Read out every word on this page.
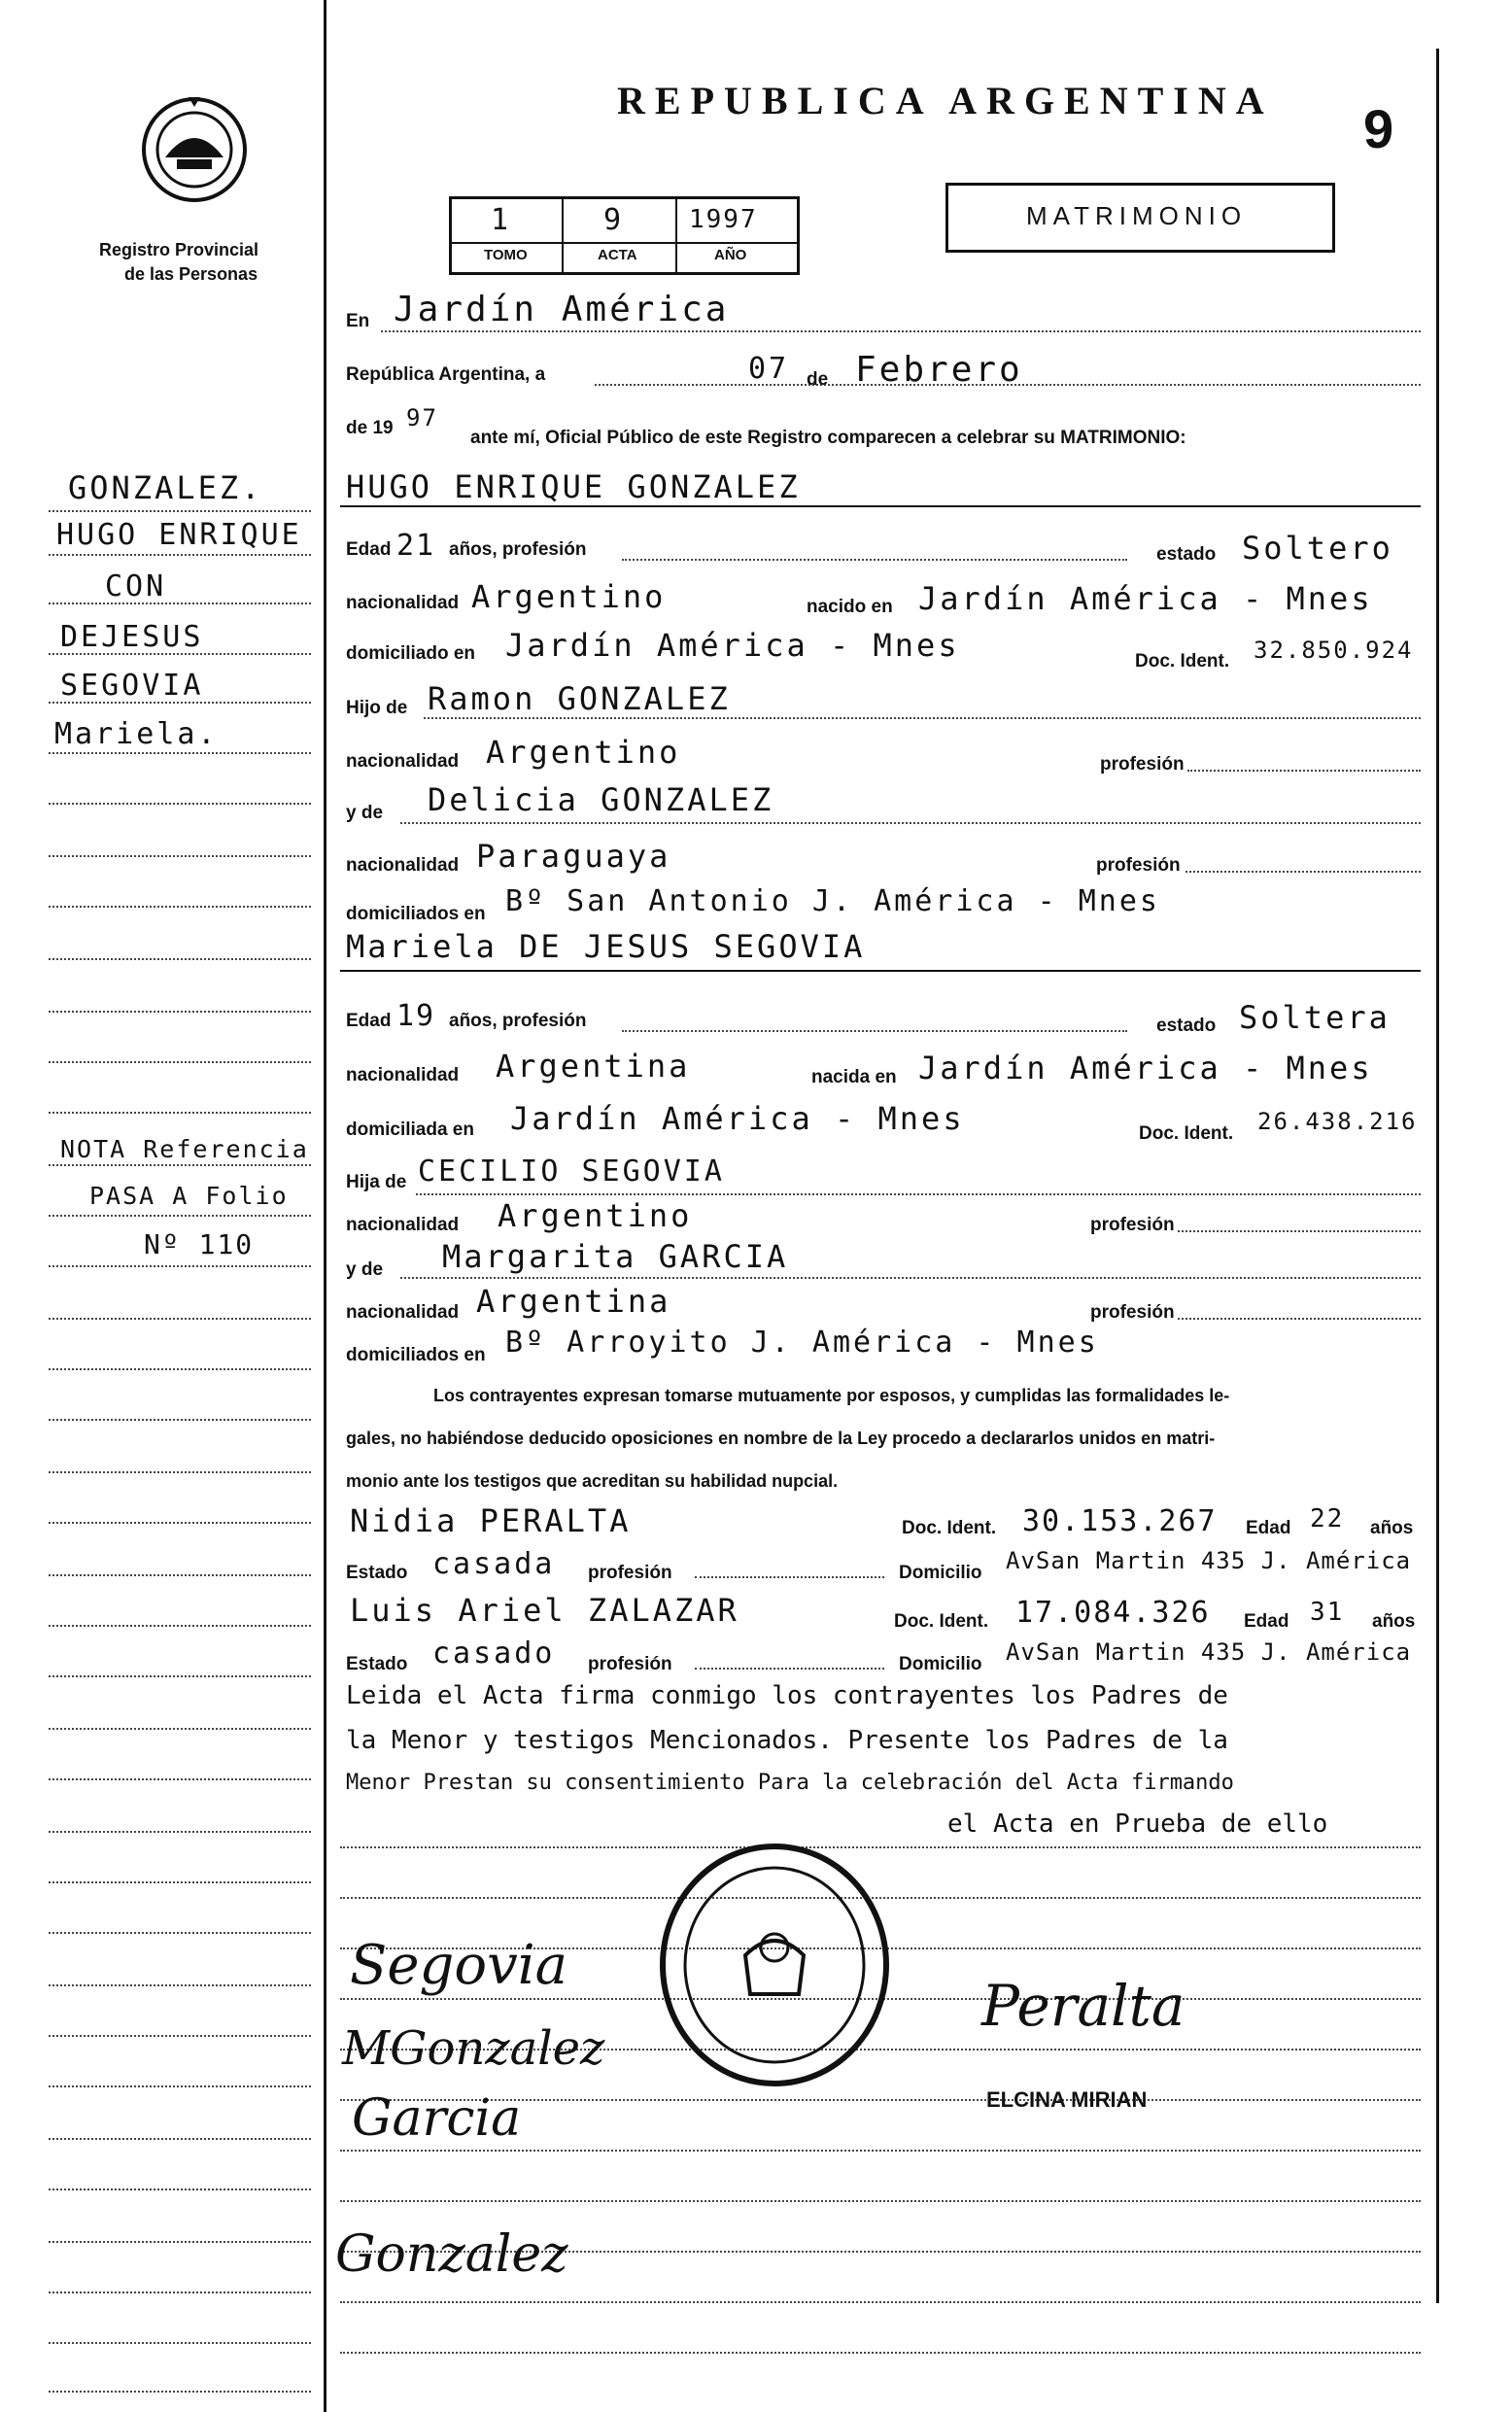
Registro Provincial
de las Personas
REPUBLICA ARGENTINA 9
1	9	1997
TOMO	ACTA	AÑO
MATRIMONIO
En Jardín América
República Argentina, a	07 de Febrero
de 19 97
ante mí, Oficial Público de este Registro comparecen a celebrar su MATRIMONIO:
GONZALEZ.
HUGO ENRIQUE
CON
DEJESUS
SEGOVIA
Mariela.
NOTA Referencia
PASA A Folio
Nº 110
HUGO ENRIQUE GONZALEZ
Edad 21 años, profesión	estado Soltero
nacionalidad Argentino	nacido en Jardín América - Mnes
domiciliado en Jardín América - Mnes	Doc. Ident. 32.850.924
Hijo de Ramon GONZALEZ
nacionalidad Argentino	profesión
y de Delicia GONZALEZ
nacionalidad Paraguaya	profesión
domiciliados en Bº San Antonio J. América - Mnes
Mariela DE JESUS SEGOVIA
Edad 19 años, profesión	estado Soltera
nacionalidad Argentina	nacida en Jardín América - Mnes
domiciliada en Jardín América - Mnes	Doc. Ident. 26.438.216
Hija de CECILIO SEGOVIA
nacionalidad Argentino	profesión
y de Margarita GARCIA
nacionalidad Argentina	profesión
domiciliados en Bº Arroyito J. América - Mnes
Los contrayentes expresan tomarse mutuamente por esposos, y cumplidas las formalidades le-
gales, no habiéndose deducido oposiciones en nombre de la Ley procedo a declararlos unidos en matri-
monio ante los testigos que acreditan su habilidad nupcial.
Nidia PERALTA	Doc. Ident. 30.153.267 Edad 22 años
Estado casada profesión	Domicilio AvSan Martin 435 J. América
Luis Ariel ZALAZAR	Doc. Ident. 17.084.326 Edad 31 años
Estado casado profesión	Domicilio AvSan Martin 435 J. América
Leida el Acta firma conmigo los contrayentes los Padres de
la Menor y testigos Mencionados. Presente los Padres de la
Menor Prestan su consentimiento Para la celebración del Acta firmando
el Acta en Prueba de ello
Segovia
Garcia
MGonzalez
Gonzalez
Peralta
ELCINA MIRIAN
